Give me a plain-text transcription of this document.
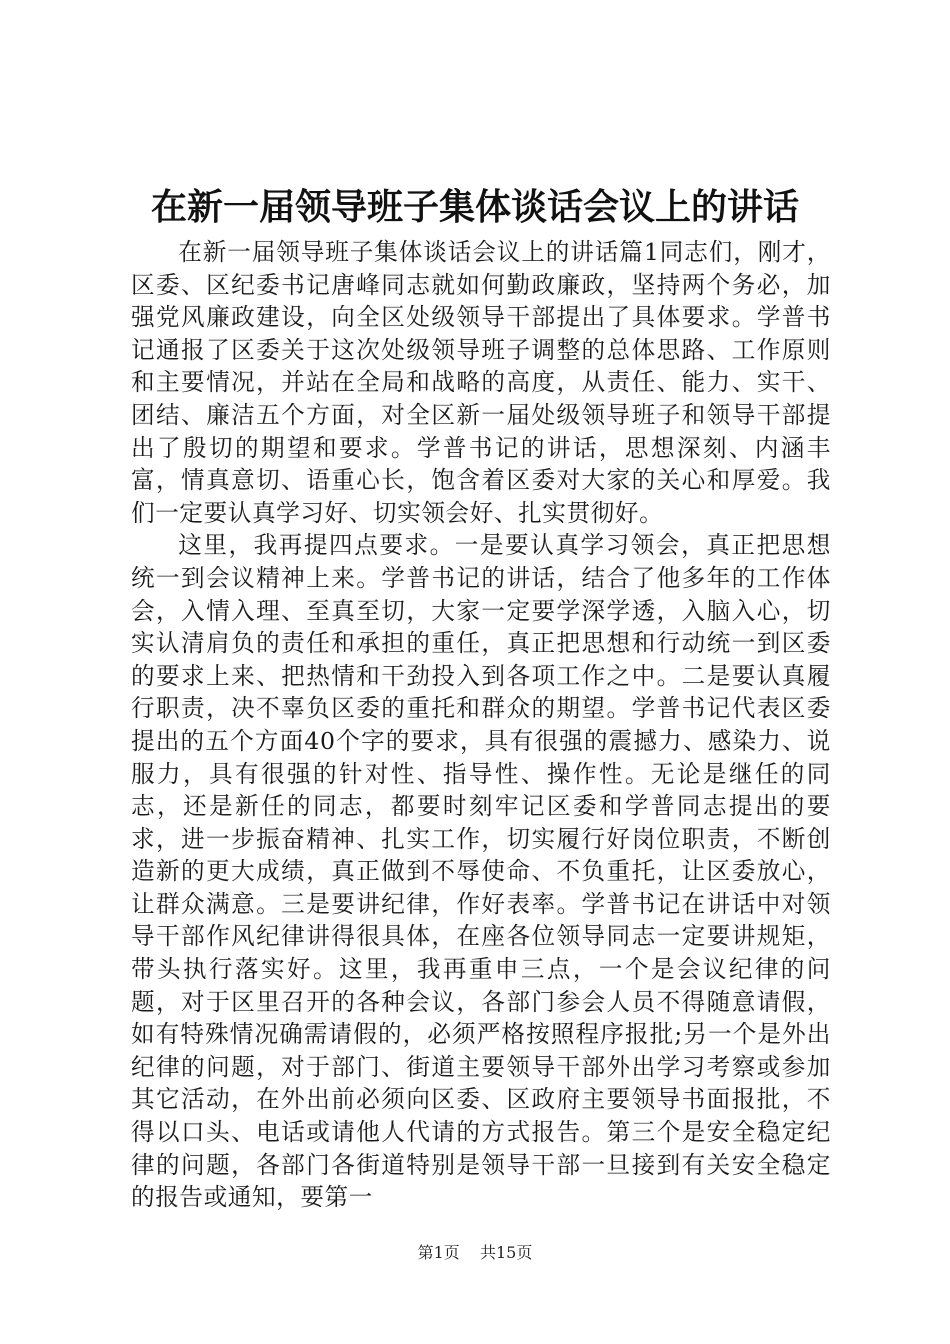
在新一届领导班子集体谈话会议上的讲话

在新一届领导班子集体谈话会议上的讲话篇1同志们，刚才，区委、区纪委书记唐峰同志就如何勤政廉政，坚持两个务必，加强党风廉政建设，向全区处级领导干部提出了具体要求。学普书记通报了区委关于这次处级领导班子调整的总体思路、工作原则和主要情况，并站在全局和战略的高度，从责任、能力、实干、团结、廉洁五个方面，对全区新一届处级领导班子和领导干部提出了殷切的期望和要求。学普书记的讲话，思想深刻、内涵丰富，情真意切、语重心长，饱含着区委对大家的关心和厚爱。我们一定要认真学习好、切实领会好、扎实贯彻好。

这里，我再提四点要求。一是要认真学习领会，真正把思想统一到会议精神上来。学普书记的讲话，结合了他多年的工作体会，入情入理、至真至切，大家一定要学深学透，入脑入心，切实认清肩负的责任和承担的重任，真正把思想和行动统一到区委的要求上来、把热情和干劲投入到各项工作之中。二是要认真履行职责，决不辜负区委的重托和群众的期望。学普书记代表区委提出的五个方面40个字的要求，具有很强的震撼力、感染力、说服力，具有很强的针对性、指导性、操作性。无论是继任的同志，还是新任的同志，都要时刻牢记区委和学普同志提出的要求，进一步振奋精神、扎实工作，切实履行好岗位职责，不断创造新的更大成绩，真正做到不辱使命、不负重托，让区委放心，让群众满意。三是要讲纪律，作好表率。学普书记在讲话中对领导干部作风纪律讲得很具体，在座各位领导同志一定要讲规矩，带头执行落实好。这里，我再重申三点，一个是会议纪律的问题，对于区里召开的各种会议，各部门参会人员不得随意请假，如有特殊情况确需请假的，必须严格按照程序报批;另一个是外出纪律的问题，对于部门、街道主要领导干部外出学习考察或参加其它活动，在外出前必须向区委、区政府主要领导书面报批，不得以口头、电话或请他人代请的方式报告。第三个是安全稳定纪律的问题，各部门各街道特别是领导干部一旦接到有关安全稳定的报告或通知，要第一

第1页 共15页
